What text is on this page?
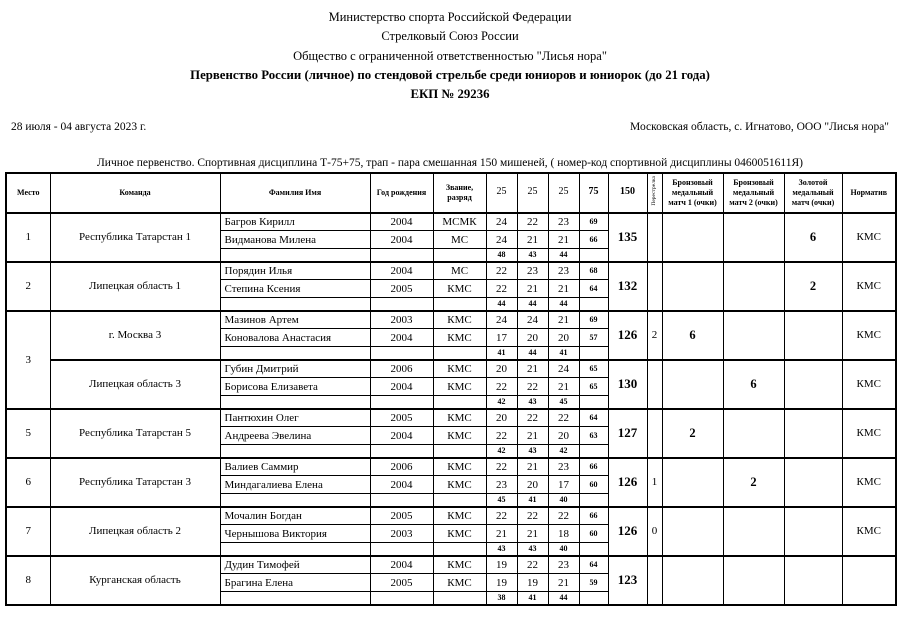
Министерство спорта Российской Федерации
Стрелковый Союз России
Общество с ограниченной ответственностью "Лисья нора"
Первенство России (личное) по стендовой стрельбе среди юниоров и юниорок (до 21 года)
ЕКП № 29236
28 июля - 04 августа 2023 г.	Московская область, с. Игнатово, ООО "Лисья нора"
Личное первенство. Спортивная дисциплина Т-75+75, трап - пара смешанная 150 мишеней, ( номер-код спортивной дисциплины 0460051611Я)
Место	Команда	Фамилия Имя	Год рождения	Звание, разряд	25	25	25	75	150	Перестрелка	Бронзовый медальный матч 1 (очки)	Бронзовый медальный матч 2 (очки)	Золотой медальный матч (очки)	Норматив
1	Республика Татарстан 1	Багров Кирилл	2004	МСМК	24	22	23	69	135				6	КМС
		Видманова Милена	2004	МС	24	21	21	66						
					48	43	44							
2	Липецкая область 1	Порядин Илья	2004	МС	22	23	23	68	132				2	КМС
		Степина Ксения	2005	КМС	22	21	21	64						
					44	44	44							
3	г. Москва 3	Мазинов Артем	2003	КМС	24	24	21	69	126	2	6			КМС
		Коновалова Анастасия	2004	КМС	17	20	20	57						
					41	44	41							
	Липецкая область 3	Губин Дмитрий	2006	КМС	20	21	24	65	130			6		КМС
		Борисова Елизавета	2004	КМС	22	22	21	65						
					42	43	45							
5	Республика Татарстан 5	Пантюхин Олег	2005	КМС	20	22	22	64	127		2			КМС
		Андреева Эвелина	2004	КМС	22	21	20	63						
					42	43	42							
6	Республика Татарстан 3	Валиев Саммир	2006	КМС	22	21	23	66	126	1		2		КМС
		Миндагалиева Елена	2004	КМС	23	20	17	60						
					45	41	40							
7	Липецкая область 2	Мочалин Богдан	2005	КМС	22	22	22	66	126	0				КМС
		Чернышова Виктория	2003	КМС	21	21	18	60						
					43	43	40							
8	Курганская область	Дудин Тимофей	2004	КМС	19	22	23	64	123					
		Брагина Елена	2005	КМС	19	19	21	59						
					38	41	44							
